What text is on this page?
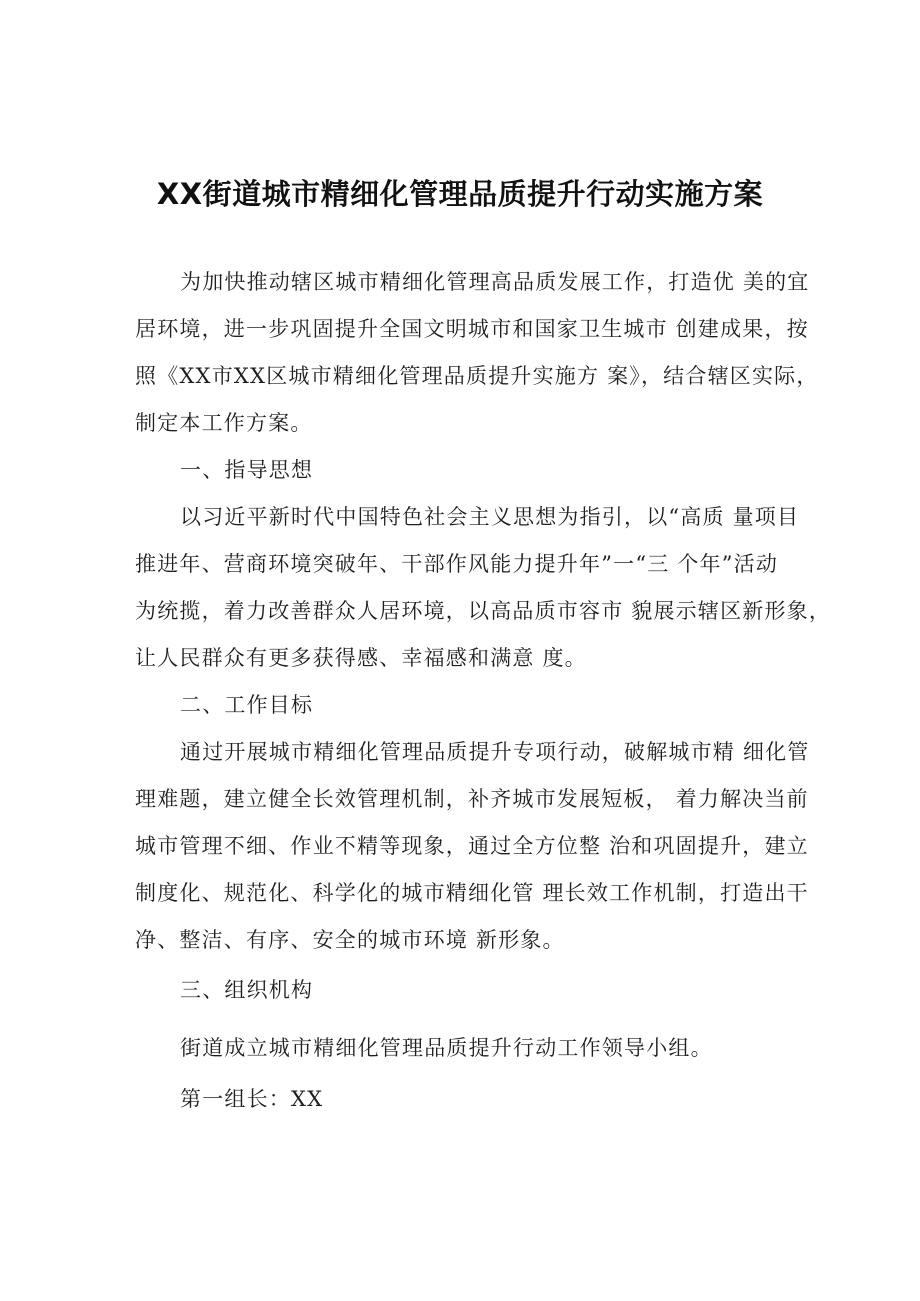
XX街道城市精细化管理品质提升行动实施方案
为加快推动辖区城市精细化管理高品质发展工作，打造优 美的宜
居环境，进一步巩固提升全国文明城市和国家卫生城市 创建成果，按
照《XX市XX区城市精细化管理品质提升实施方 案》，结合辖区实际，
制定本工作方案。
一、指导思想
以习近平新时代中国特色社会主义思想为指引，以“高质 量项目
推进年、营商环境突破年、干部作风能力提升年”一“三 个年”活动
为统揽，着力改善群众人居环境，以高品质市容市 貌展示辖区新形象，
让人民群众有更多获得感、幸福感和满意 度。
二、工作目标
通过开展城市精细化管理品质提升专项行动，破解城市精 细化管
理难题，建立健全长效管理机制，补齐城市发展短板， 着力解决当前
城市管理不细、作业不精等现象，通过全方位整 治和巩固提升，建立
制度化、规范化、科学化的城市精细化管 理长效工作机制，打造出干
净、整洁、有序、安全的城市环境 新形象。
三、组织机构
街道成立城市精细化管理品质提升行动工作领导小组。
第一组长：XX
